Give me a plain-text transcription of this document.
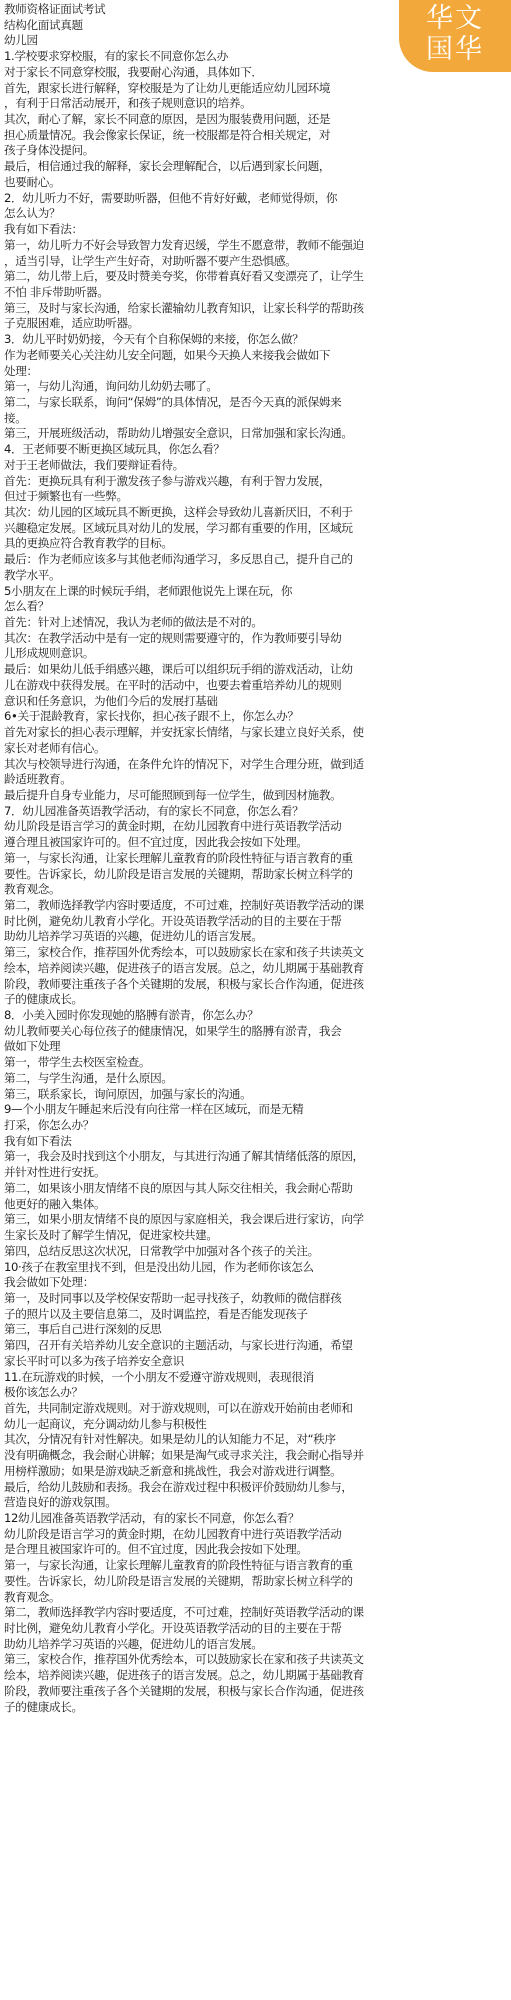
教师资格证面试考试
结构化面试真题
幼儿园
1.学校要求穿校服，有的家长不同意你怎么办
对于家长不同意穿校服，我要耐心沟通，具体如下．
首先，跟家长进行解释，穿校服是为了让幼儿更能适应幼儿园环境
，有利于日常活动展开，和孩子规则意识的培养。
其次，耐心了解，家长不同意的原因，是因为服装费用问题，还是
担心质量情况。我会像家长保证，统一校服都是符合相关规定，对
孩子身体没提问。
最后，相信通过我的解释，家长会理解配合，以后遇到家长问题，
也要耐心。
2．幼儿听力不好，需要助听器，但他不肯好好戴，老师觉得烦，你
怎么认为？
我有如下看法：
第一，幼儿听力不好会导致智力发育迟缓，学生不愿意带，教师不能强迫
，适当引导，让学生产生好奇，对助听器不要产生恐惧感。
第二，幼儿带上后，要及时赞美夸奖，你带着真好看又变漂亮了，让学生
不怕 非斥带助听器。
第三，及时与家长沟通，给家长灌输幼儿教育知识，让家长科学的帮助孩
子克服困难，适应助听器。
3．幼儿平时奶奶接，今天有个自称保姆的来接，你怎么做？
作为老师要关心关注幼儿安全问题，如果今天换人来接我会做如下
处理：
第一，与幼儿沟通，询问幼儿幼奶去哪了。
第二，与家长联系，询问“保姆”的具体情况，是否今天真的派保姆来
接。
第三，开展班级活动，帮助幼儿增强安全意识，日常加强和家长沟通。
4．王老师要不断更换区域玩具，你怎么看？
对于王老师做法，我们要辩证看待。
首先：更换玩具有利于激发孩子参与游戏兴趣，有利于智力发展，
但过于频繁也有一些弊。
其次：幼儿园的区域玩具不断更换，这样会导致幼儿喜新厌旧，不利于
兴趣稳定发展。区域玩具对幼儿的发展，学习都有重要的作用，区域玩
具的更换应符合教育教学的目标。
最后：作为老师应该多与其他老师沟通学习，多反思自己，提升自己的
教学水平。
5小朋友在上课的时候玩手绢，老师跟他说先上课在玩，你
怎么看？
首先：针对上述情况，我认为老师的做法是不对的。
其次：在教学活动中是有一定的规则需要遵守的，作为教师要引导幼
儿形成规则意识。
最后：如果幼儿低手绢感兴趣，课后可以组织玩手绢的游戏活动，让幼
儿在游戏中获得发展。在平时的活动中，也要去着重培养幼儿的规则
意识和任务意识，为他们今后的发展打基础
6•关于混龄教育，家长找你，担心孩子跟不上，你怎么办？
首先对家长的担心表示理解，并安抚家长情绪，与家长建立良好关系，使
家长对老师有信心。
其次与校领导进行沟通，在条件允许的情况下，对学生合理分班，做到适
龄适班教育。
最后提升自身专业能力，尽可能照顾到每一位学生，做到因材施教。
7．幼儿园准备英语教学活动，有的家长不同意，你怎么看？
幼儿阶段是语言学习的黄金时期，在幼儿园教育中进行英语教学活动
遵合理且被国家许可的。但不宜过度，因此我会按如下处理。
第一，与家长沟通，让家长理解儿童教育的阶段性特征与语言教育的重
要性。告诉家长，幼儿阶段是语言发展的关键期，帮助家长树立科学的
教育观念。
第二，教师选择教学内容时要适度，不可过难，控制好英语教学活动的课
时比例，避免幼儿教育小学化。开设英语教学活动的目的主要在于帮
助幼儿培养学习英语的兴趣，促进幼儿的语言发展。
第三，家校合作，推荐国外优秀绘本，可以鼓励家长在家和孩子共读英文
绘本，培养阅读兴趣，促进孩子的语言发展。总之，幼儿期属于基础教育
阶段，教师要注重孩子各个关键期的发展，积极与家长合作沟通，促进孩
子的健康成长。
8．小美入园时你发现她的胳膊有淤青，你怎么办？
幼儿教师要关心每位孩子的健康情况，如果学生的胳膊有淤青，我会
做如下处理
第一，带学生去校医室检查。
第二，与学生沟通，是什么原因。
第三，联系家长，询问原因，加强与家长的沟通。
9—个小朋友午睡起来后没有向往常一样在区域玩，而是无精
打采，你怎么办？
我有如下看法
第一，我会及时找到这个小朋友，与其进行沟通了解其情绪低落的原因，
并针对性进行安抚。
第二，如果该小朋友情绪不良的原因与其人际交往相关，我会耐心帮助
他更好的融入集体。
第三，如果小朋友情绪不良的原因与家庭相关，我会课后进行家访，向学
生家长及时了解学生情况，促进家校共建。
第四，总结反思这次状况，日常教学中加强对各个孩子的关注。
10·孩子在教室里找不到，但是没出幼儿园，作为老师你该怎么
我会做如下处理：
第一，及时同事以及学校保安帮助一起寻找孩子，幼教师的微信群孩
子的照片以及主要信息第二，及时调监控，看是否能发现孩子
第三，事后自己进行深刻的反思
第四，召开有关培养幼儿安全意识的主题活动，与家长进行沟通，希望
家长平时可以多为孩子培养安全意识
11.在玩游戏的时候，一个小朋友不爱遵守游戏规则，表现很消
极你该怎么办？
首先，共同制定游戏规则。对于游戏规则，可以在游戏开始前由老师和
幼儿一起商议，充分调动幼儿参与积极性
其次，分情况有针对性解决。如果是幼儿的认知能力不足，对“秩序
没有明确概念，我会耐心讲解；如果是淘气或寻求关注，我会耐心指导并
用榜样激励；如果是游戏缺乏新意和挑战性，我会对游戏进行调整。
最后，给幼儿鼓励和表扬。我会在游戏过程中积极评价鼓励幼儿参与，
营造良好的游戏氛围。
12幼儿园准备英语教学活动，有的家长不同意，你怎么看？
幼儿阶段是语言学习的黄金时期，在幼儿园教育中进行英语教学活动
是合理且被国家许可的。但不宜过度，因此我会按如下处理。
第一，与家长沟通，让家长理解儿童教育的阶段性特征与语言教育的重
要性。告诉家长，幼儿阶段是语言发展的关键期，帮助家长树立科学的
教育观念。
第二，教师选择教学内容时要适度，不可过难，控制好英语教学活动的课
时比例，避免幼儿教育小学化。开设英语教学活动的目的主要在于帮
助幼儿培养学习英语的兴趣，促进幼儿的语言发展。
第三，家校合作，推荐国外优秀绘本，可以鼓励家长在家和孩子共读英文
绘本，培养阅读兴趣，促进孩子的语言发展。总之，幼儿期属于基础教育
阶段，教师要注重孩子各个关键期的发展，积极与家长合作沟通，促进孩
子的健康成长。
华文
国华
